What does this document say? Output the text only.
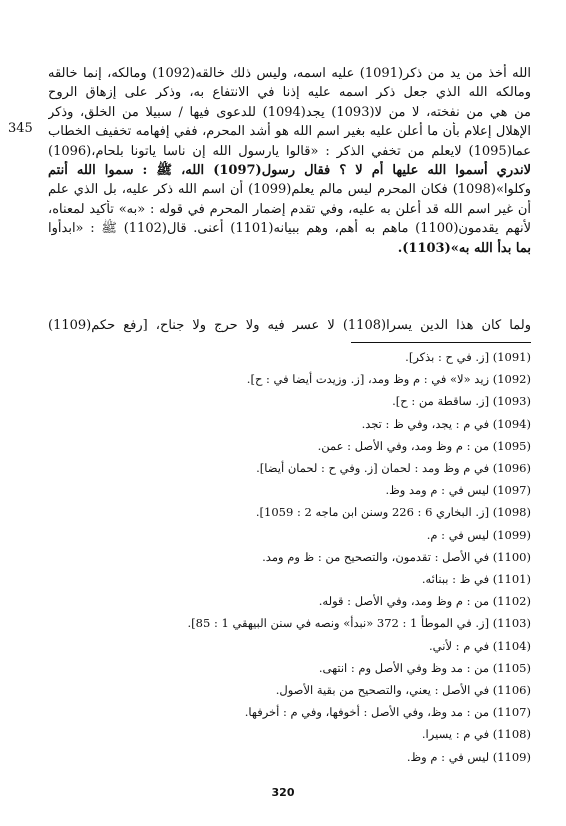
345
الله أخذ من يد من ذكر(1091) عليه اسمه، وليس ذلك خالقه(1092) ومالكه، إنما خالقه
ومالكه الله الذي جعل ذكر اسمه عليه إذنا في الانتفاع به، وذكر على إزهاق الروح
من هي من نفخته، لا من لا(1093) يجد(1094) للدعوى فيها / سبيلا من الخلق، وذكر
الإهلال إعلام بأن ما أعلن عليه بغير اسم الله هو أشد المحرم، ففي إفهامه تخفيف الخطاب
عما(1095) لايعلم من تخفي الذكر : «قالوا يارسول الله إن ناسا ياتونا بلحام،(1096)
لاندري أسموا الله عليها أم لا ؟ فقال رسول(1097) الله، ﷺ : سموا الله أنتم
وكلوا»(1098) فكان المحرم ليس مالم يعلم(1099) أن اسم الله ذكر عليه، بل الذي علم
أن غير اسم الله قد أعلن به عليه، وفي تقدم إضمار المحرم في قوله : «به» تأكيد لمعناه،
لأنهم يقدمون(1100) ماهم به أهم، وهم ببيانه(1101) أعنى. قال(1102) ﷺ : «ابدأوا
بما بدأ الله به»(1103).
ولما كان هذا الدين يسرا(1108) لا عسر فيه ولا حرج ولا جناح، [رفع حكم(1109)
(1091) [ز. في ح : بذكر].
(1092) زيد «لا» في : م وظ ومد، [ز. وزيدت أيضا في : ح].
(1093) [ز. ساقطة من : ح].
(1094) في م : يجد، وفي ظ : تجد.
(1095) من : م وظ ومد، وفي الأصل : عمن.
(1096) في م وظ ومد : لحمان [ز. وفي ح : لحمان أيضا].
(1097) ليس في : م ومد وظ.
(1098) [ز. البخاري 6 : 226 وسنن ابن ماجه 2 : 1059].
(1099) ليس في : م.
(1100) في الأصل : تقدمون، والتصحيح من : ظ وم ومد.
(1101) في ظ : ببنائه.
(1102) من : م وظ ومد، وفي الأصل : قوله.
(1103) [ز. في الموطأ 1 : 372 «نبدأ» ونصه في سنن البيهقي 1 : 85].
(1104) في م : لأني.
(1105) من : مد وظ وفي الأصل وم : انتهى.
(1106) في الأصل : يعني، والتصحيح من بقية الأصول.
(1107) من : مد وظ، وفي الأصل : أخوفها، وفي م : أخرفها.
(1108) في م : يسيرا.
(1109) ليس في : م وظ.
320
